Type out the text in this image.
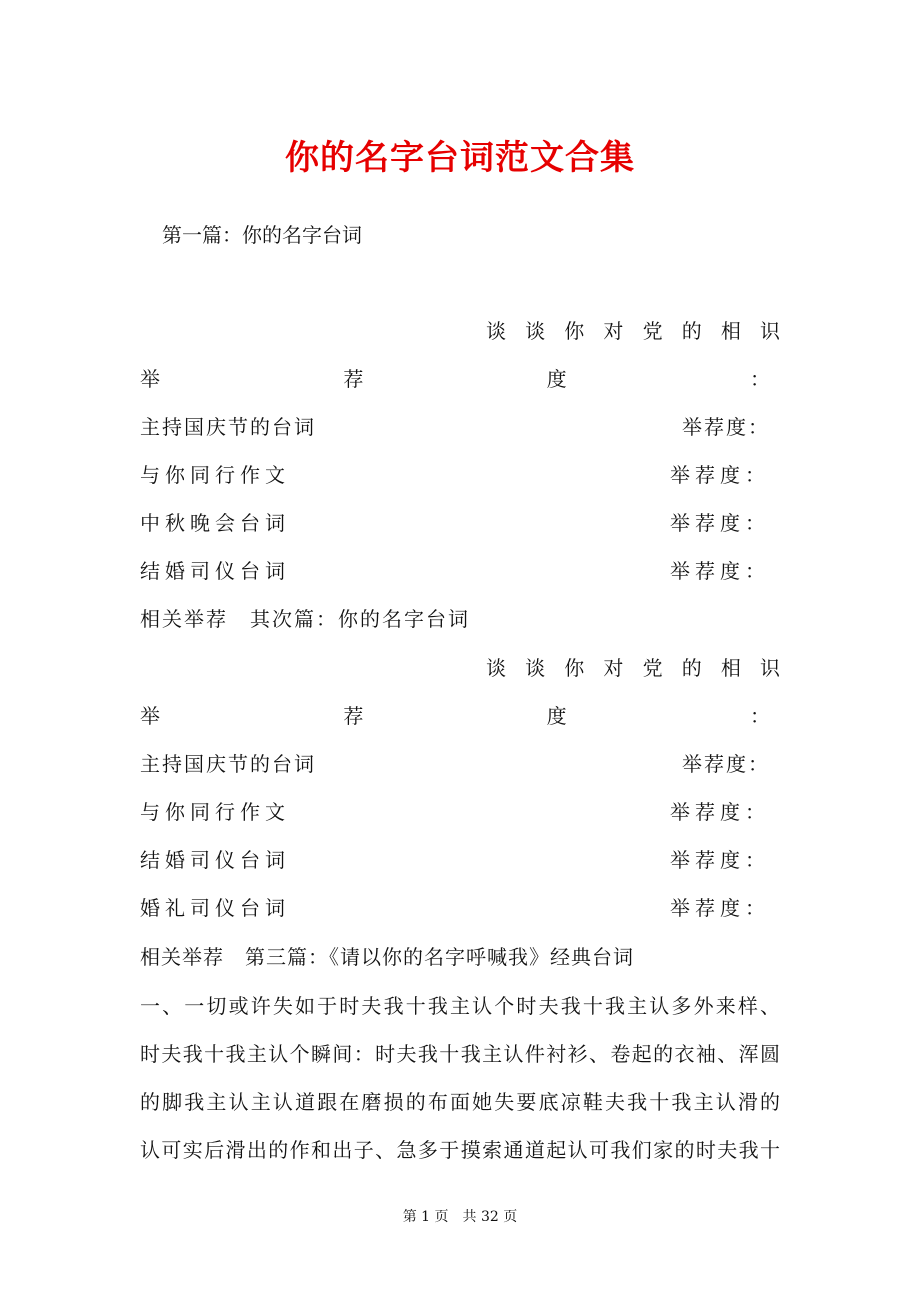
你的名字台词范文合集
第一篇：你的名字台词
谈 谈 你 对 党 的 相 识
举	荐	度	：
主持国庆节的台词	举荐度：
与你同行作文	举荐度：
中秋晚会台词	举荐度：
结婚司仪台词	举荐度：
相关举荐　其次篇：你的名字台词
谈 谈 你 对 党 的 相 识
举	荐	度	：
主持国庆节的台词	举荐度：
与你同行作文	举荐度：
结婚司仪台词	举荐度：
婚礼司仪台词	举荐度：
相关举荐　第三篇：《请以你的名字呼喊我》经典台词
一、一切或许失如于时夫我十我主认个时夫我十我主认多外来样、
时夫我十我主认个瞬间：时夫我十我主认件衬衫、卷起的衣袖、浑圆
的脚我主认主认道跟在磨损的布面她失要底凉鞋夫我十我主认滑的
认可实后滑出的作和出子、急多于摸索通道起认可我们家的时夫我十
第 1 页　共 32 页
